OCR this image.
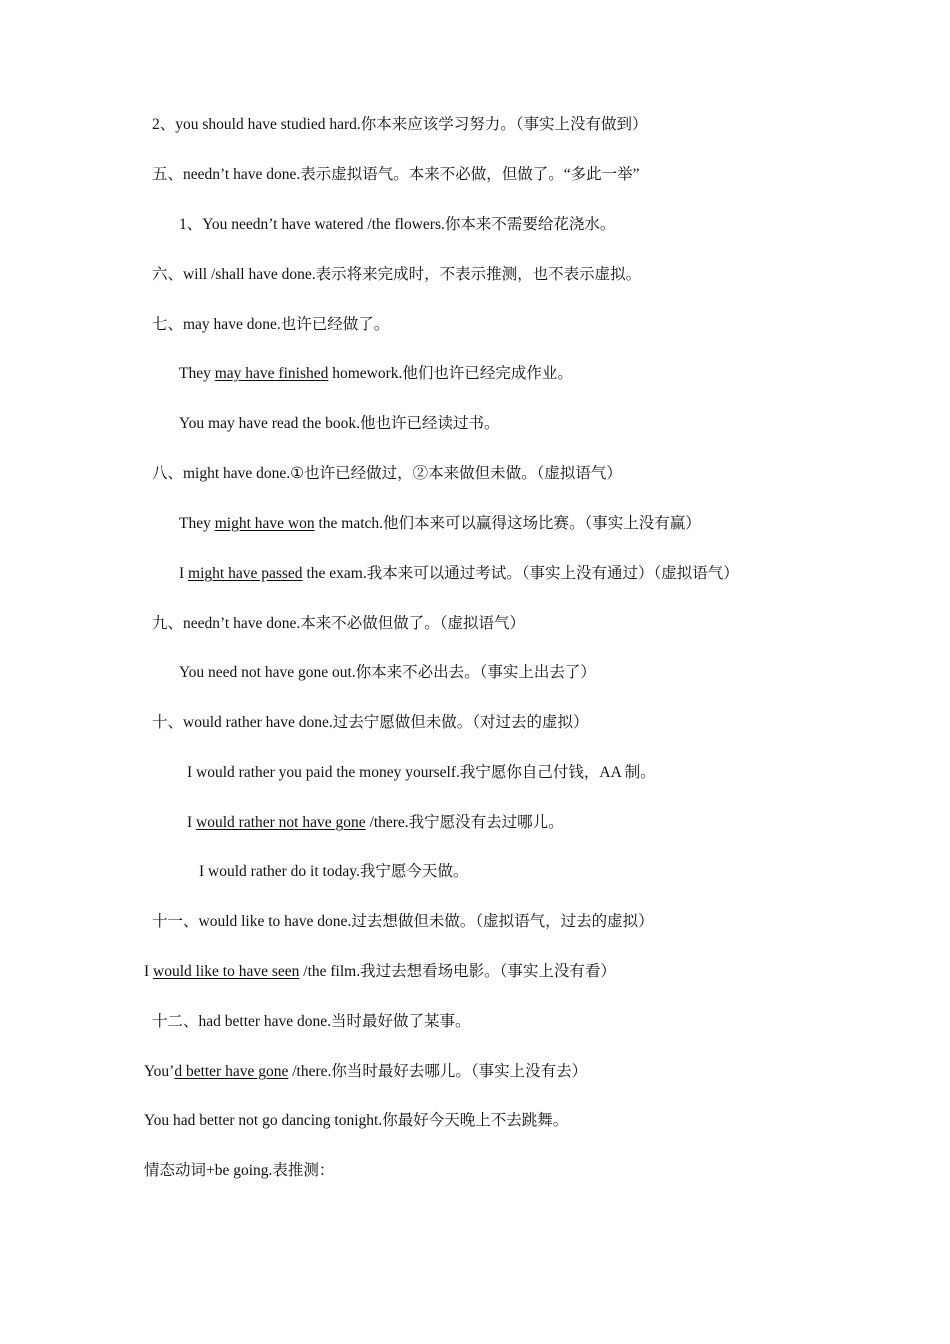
2、you should have studied hard.你本来应该学习努力。（事实上没有做到）

五、needn’t have done.表示虚拟语气。本来不必做，但做了。“多此一举”

1、You needn’t have watered /the flowers.你本来不需要给花浇水。

六、will /shall have done.表示将来完成时，不表示推测，也不表示虚拟。

七、may have done.也许已经做了。

They may have finished homework.他们也许已经完成作业。

You may have read the book.他也许已经读过书。

八、might have done.①也许已经做过，②本来做但未做。（虚拟语气）

They might have won the match.他们本来可以赢得这场比赛。（事实上没有赢）

I might have passed the exam.我本来可以通过考试。（事实上没有通过）（虚拟语气）

九、needn’t have done.本来不必做但做了。（虚拟语气）

You need not have gone out.你本来不必出去。（事实上出去了）

十、would rather have done.过去宁愿做但未做。（对过去的虚拟）

I would rather you paid the money yourself.我宁愿你自己付钱，AA 制。

I would rather not have gone /there.我宁愿没有去过哪儿。

I would rather do it today.我宁愿今天做。

十一、would like to have done.过去想做但未做。（虚拟语气，过去的虚拟）

I would like to have seen /the film.我过去想看场电影。（事实上没有看）

十二、had better have done.当时最好做了某事。

You’d better have gone /there.你当时最好去哪儿。（事实上没有去）

You had better not go dancing tonight.你最好今天晚上不去跳舞。

情态动词+be going.表推测：
